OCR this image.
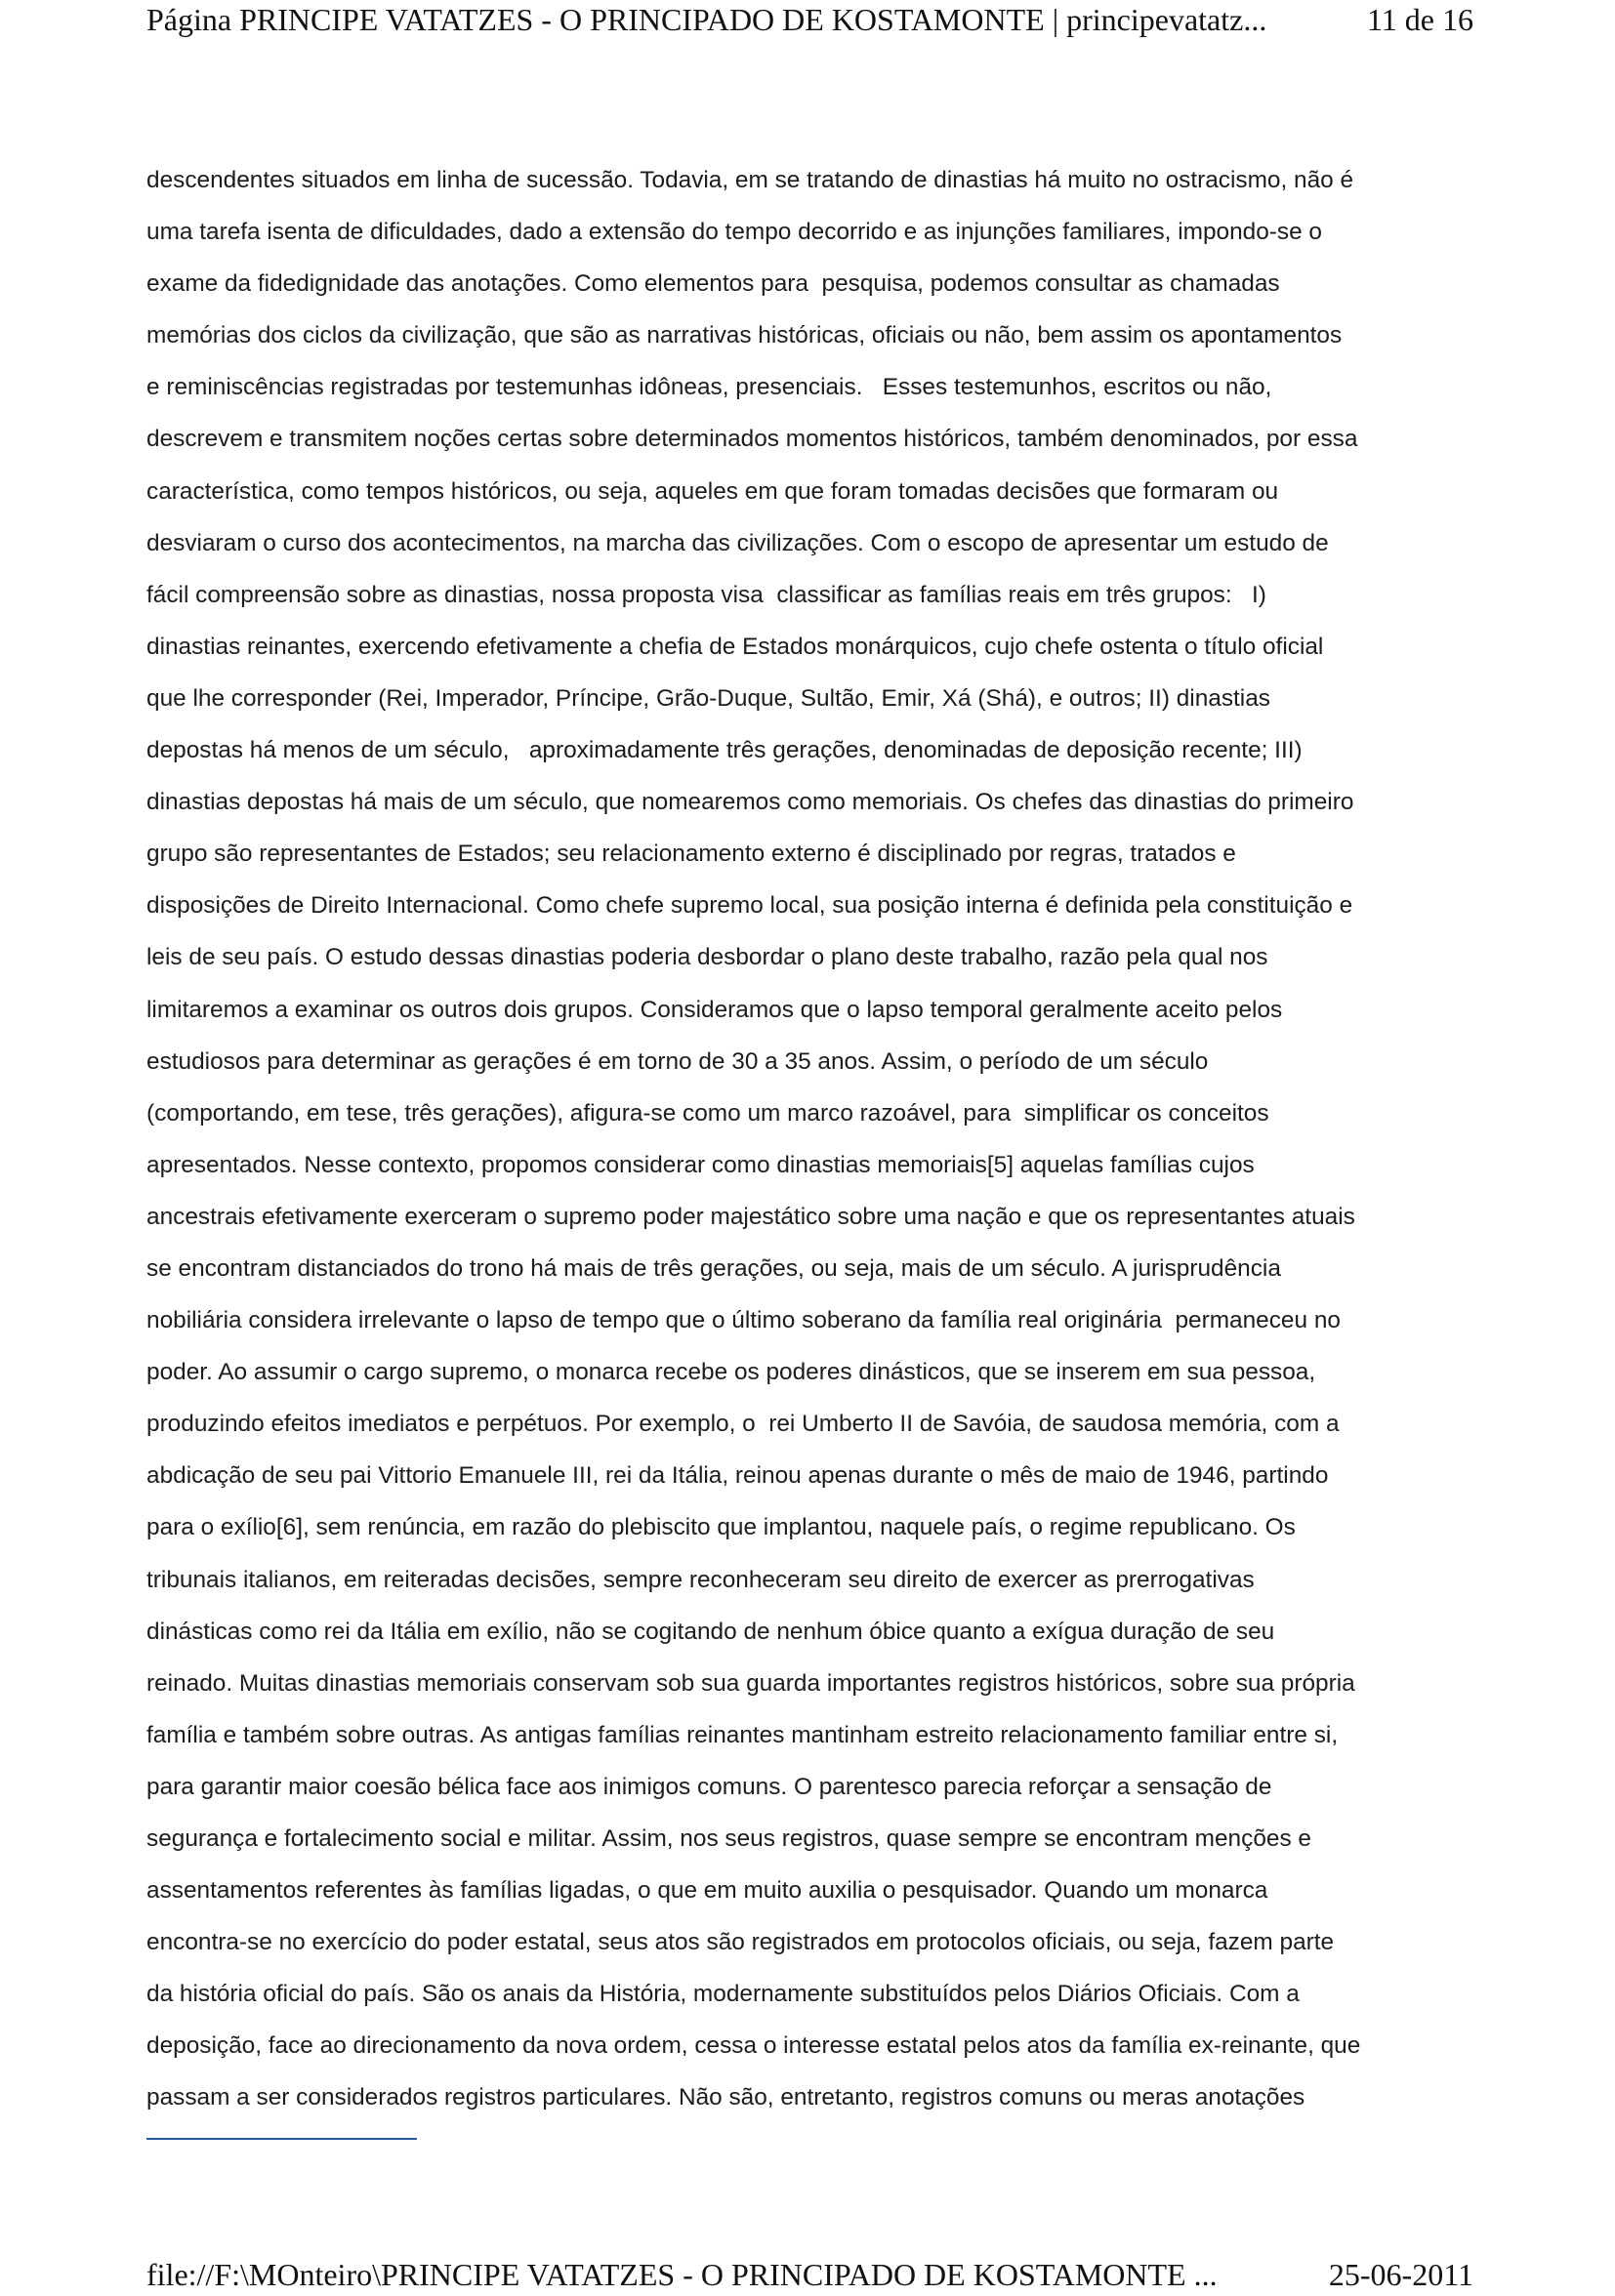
Página PRINCIPE VATATZES - O PRINCIPADO DE KOSTAMONTE | principevatatz...	11 de 16
descendentes situados em linha de sucessão. Todavia, em se tratando de dinastias há muito no ostracismo, não é
uma tarefa isenta de dificuldades, dado a extensão do tempo decorrido e as injunções familiares, impondo-se o
exame da fidedignidade das anotações. Como elementos para  pesquisa, podemos consultar as chamadas
memórias dos ciclos da civilização, que são as narrativas históricas, oficiais ou não, bem assim os apontamentos
e reminiscências registradas por testemunhas idôneas, presenciais.   Esses testemunhos, escritos ou não,
descrevem e transmitem noções certas sobre determinados momentos históricos, também denominados, por essa
característica, como tempos históricos, ou seja, aqueles em que foram tomadas decisões que formaram ou
desviaram o curso dos acontecimentos, na marcha das civilizações. Com o escopo de apresentar um estudo de
fácil compreensão sobre as dinastias, nossa proposta visa  classificar as famílias reais em três grupos:   I)
dinastias reinantes, exercendo efetivamente a chefia de Estados monárquicos, cujo chefe ostenta o título oficial
que lhe corresponder (Rei, Imperador, Príncipe, Grão-Duque, Sultão, Emir, Xá (Shá), e outros; II) dinastias
depostas há menos de um século,   aproximadamente três gerações, denominadas de deposição recente; III)
dinastias depostas há mais de um século, que nomearemos como memoriais. Os chefes das dinastias do primeiro
grupo são representantes de Estados; seu relacionamento externo é disciplinado por regras, tratados e
disposições de Direito Internacional. Como chefe supremo local, sua posição interna é definida pela constituição e
leis de seu país. O estudo dessas dinastias poderia desbordar o plano deste trabalho, razão pela qual nos
limitaremos a examinar os outros dois grupos. Consideramos que o lapso temporal geralmente aceito pelos
estudiosos para determinar as gerações é em torno de 30 a 35 anos. Assim, o período de um século
(comportando, em tese, três gerações), afigura-se como um marco razoável, para  simplificar os conceitos
apresentados. Nesse contexto, propomos considerar como dinastias memoriais[5] aquelas famílias cujos
ancestrais efetivamente exerceram o supremo poder majestático sobre uma nação e que os representantes atuais
se encontram distanciados do trono há mais de três gerações, ou seja, mais de um século. A jurisprudência
nobiliária considera irrelevante o lapso de tempo que o último soberano da família real originária  permaneceu no
poder. Ao assumir o cargo supremo, o monarca recebe os poderes dinásticos, que se inserem em sua pessoa,
produzindo efeitos imediatos e perpétuos. Por exemplo, o  rei Umberto II de Savóia, de saudosa memória, com a
abdicação de seu pai Vittorio Emanuele III, rei da Itália, reinou apenas durante o mês de maio de 1946, partindo
para o exílio[6], sem renúncia, em razão do plebiscito que implantou, naquele país, o regime republicano. Os
tribunais italianos, em reiteradas decisões, sempre reconheceram seu direito de exercer as prerrogativas
dinásticas como rei da Itália em exílio, não se cogitando de nenhum óbice quanto a exígua duração de seu
reinado. Muitas dinastias memoriais conservam sob sua guarda importantes registros históricos, sobre sua própria
família e também sobre outras. As antigas famílias reinantes mantinham estreito relacionamento familiar entre si,
para garantir maior coesão bélica face aos inimigos comuns. O parentesco parecia reforçar a sensação de
segurança e fortalecimento social e militar. Assim, nos seus registros, quase sempre se encontram menções e
assentamentos referentes às famílias ligadas, o que em muito auxilia o pesquisador. Quando um monarca
encontra-se no exercício do poder estatal, seus atos são registrados em protocolos oficiais, ou seja, fazem parte
da história oficial do país. São os anais da História, modernamente substituídos pelos Diários Oficiais. Com a
deposição, face ao direcionamento da nova ordem, cessa o interesse estatal pelos atos da família ex-reinante, que
passam a ser considerados registros particulares. Não são, entretanto, registros comuns ou meras anotações
file://F:\MOnteiro\PRINCIPE VATATZES - O PRINCIPADO DE KOSTAMONTE ...	25-06-2011
